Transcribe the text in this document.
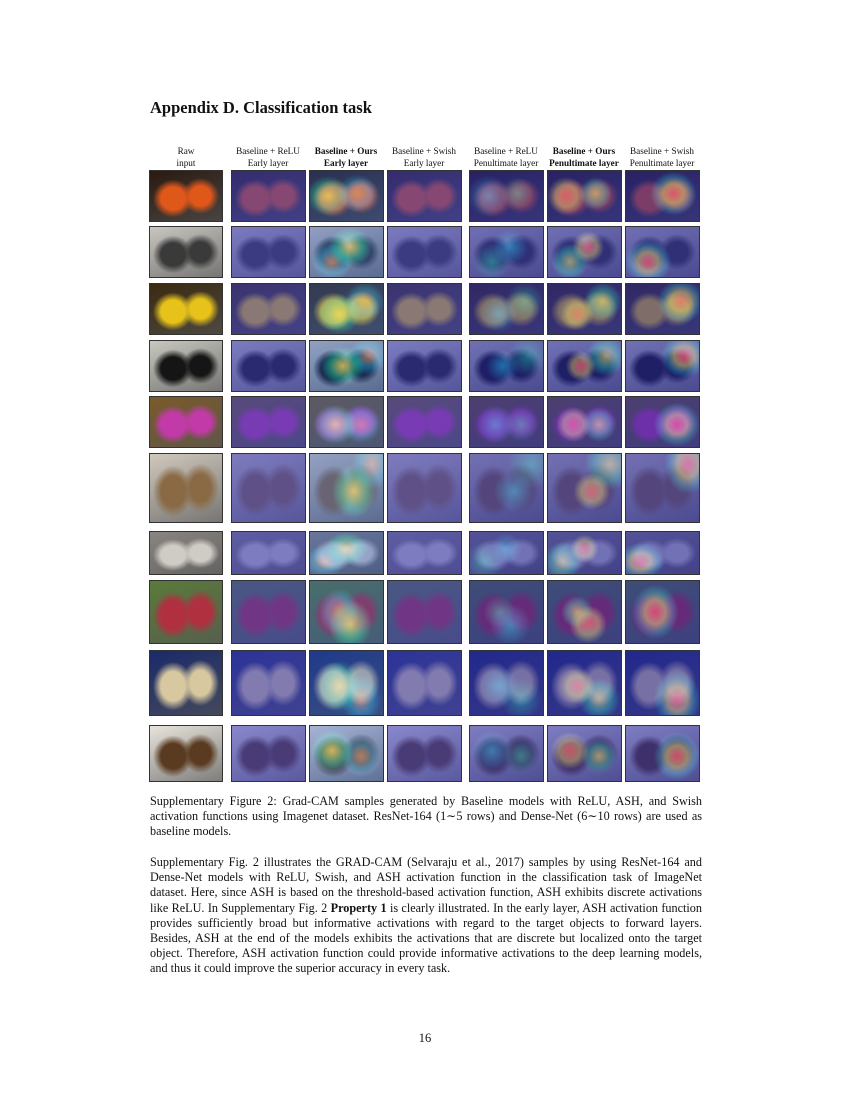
Appendix D. Classification task
Raw
input
Baseline + ReLU
Early layer
Baseline + Ours
Early layer
Baseline + Swish
Early layer
Baseline + ReLU
Penultimate layer
Baseline + Ours
Penultimate layer
Baseline + Swish
Penultimate layer
Supplementary Figure 2: Grad-CAM samples generated by Baseline models with ReLU, ASH, and Swish activation functions using Imagenet dataset. ResNet-164 (1∼5 rows) and Dense-Net (6∼10 rows) are used as baseline models.
Supplementary Fig. 2 illustrates the GRAD-CAM (Selvaraju et al., 2017) samples by using ResNet-164 and Dense-Net models with ReLU, Swish, and ASH activation function in the classification task of ImageNet dataset. Here, since ASH is based on the threshold-based activation function, ASH exhibits discrete activations like ReLU. In Supplementary Fig. 2 Property 1 is clearly illustrated. In the early layer, ASH activation function provides sufficiently broad but informative activations with regard to the target objects to forward layers. Besides, ASH at the end of the models exhibits the activations that are discrete but localized onto the target object. Therefore, ASH activation function could provide informative activations to the deep learning models, and thus it could improve the superior accuracy in every task.
16
